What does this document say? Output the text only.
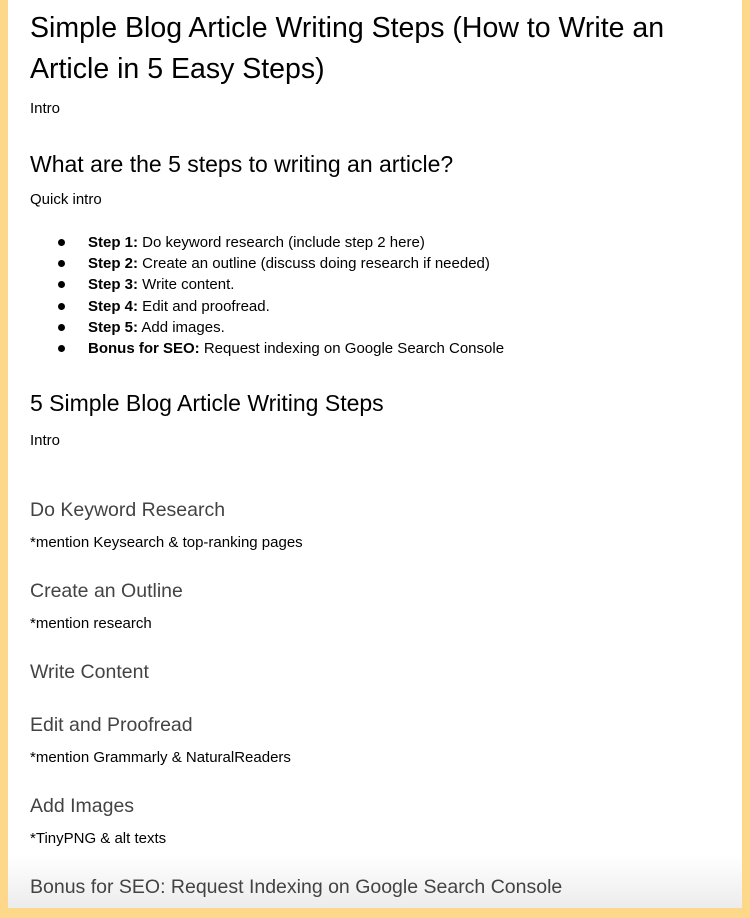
Simple Blog Article Writing Steps (How to Write an Article in 5 Easy Steps)
Intro
What are the 5 steps to writing an article?
Quick intro
Step 1: Do keyword research (include step 2 here)
Step 2: Create an outline (discuss doing research if needed)
Step 3: Write content.
Step 4: Edit and proofread.
Step 5: Add images.
Bonus for SEO: Request indexing on Google Search Console
5 Simple Blog Article Writing Steps
Intro
Do Keyword Research
*mention Keysearch & top-ranking pages
Create an Outline
*mention research
Write Content
Edit and Proofread
*mention Grammarly & NaturalReaders
Add Images
*TinyPNG & alt texts
Bonus for SEO: Request Indexing on Google Search Console
